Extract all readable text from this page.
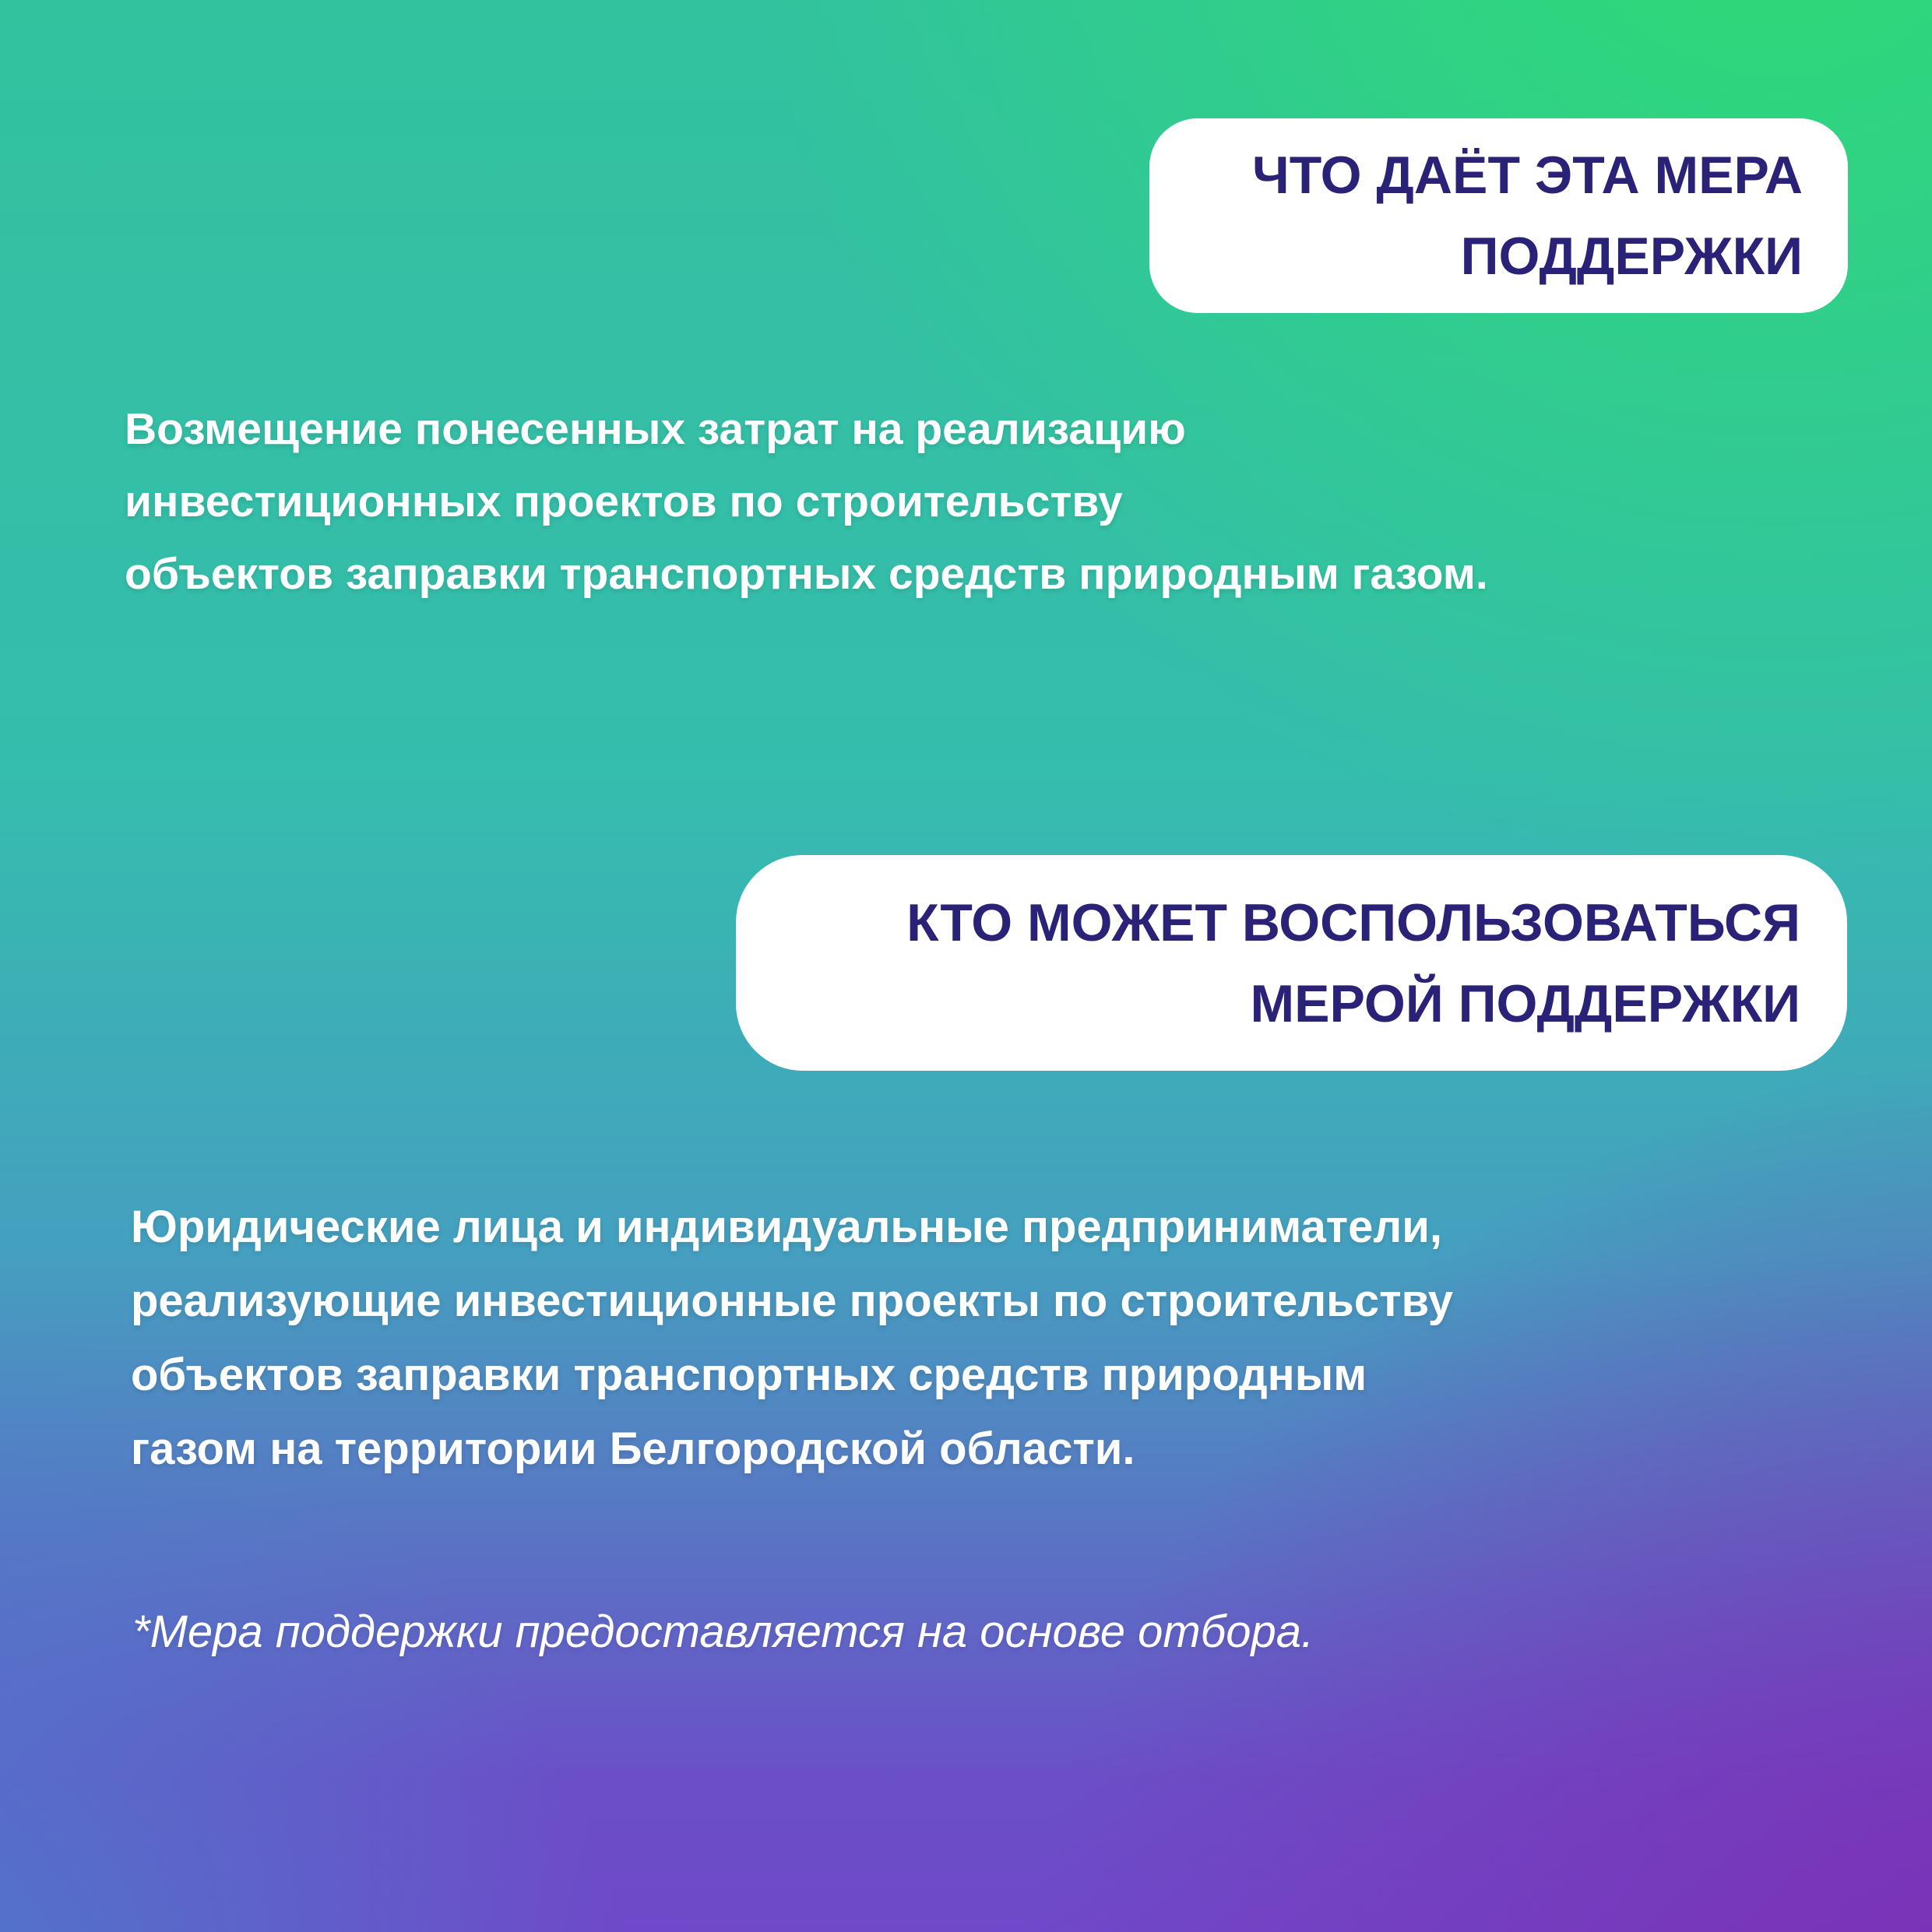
ЧТО ДАЁТ ЭТА МЕРА
ПОДДЕРЖКИ
Возмещение понесенных затрат на реализацию
инвестиционных проектов по строительству
объектов заправки транспортных средств природным газом.
КТО МОЖЕТ ВОСПОЛЬЗОВАТЬСЯ
МЕРОЙ ПОДДЕРЖКИ
Юридические лица и индивидуальные предприниматели,
реализующие инвестиционные проекты по строительству
объектов заправки транспортных средств природным
газом на территории Белгородской области.
*Мера поддержки предоставляется на основе отбора.
